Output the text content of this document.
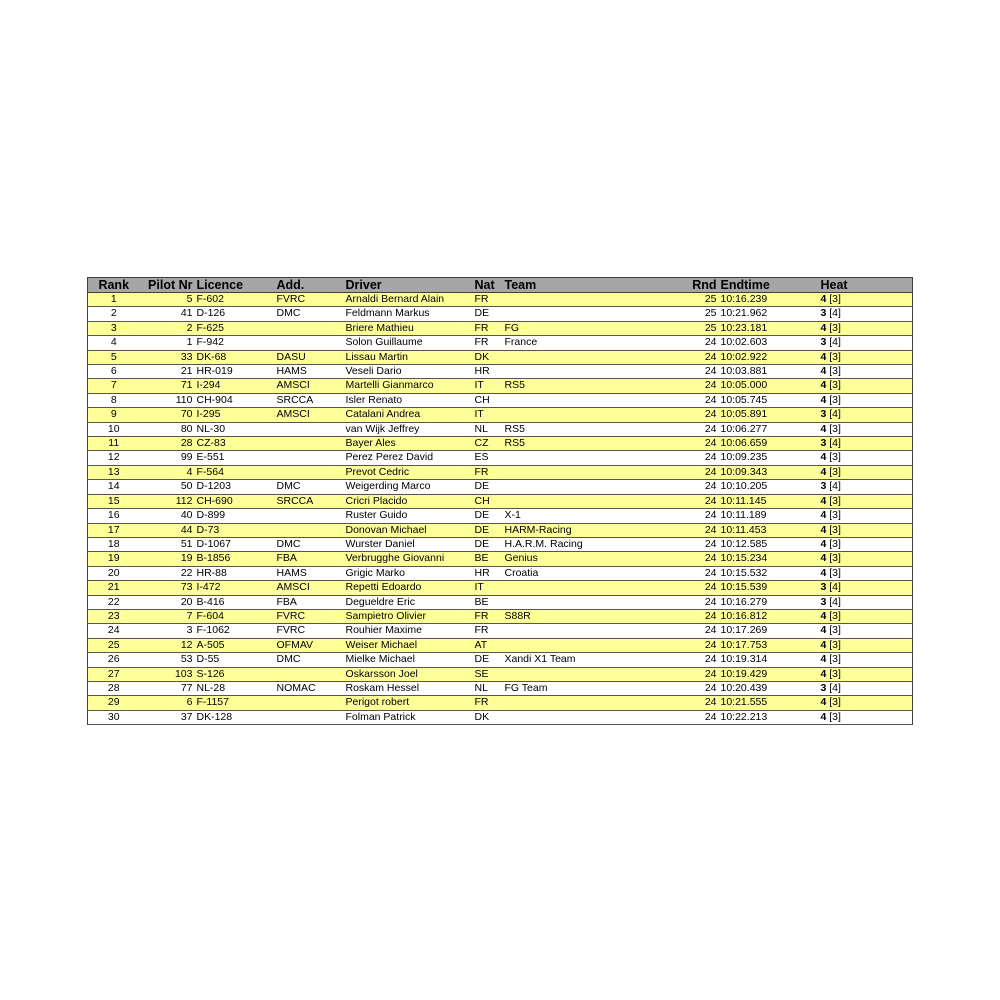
Rank	Pilot Nr	Licence	Add.	Driver	Nat	Team	Rnd	Endtime	Heat
1	5	F-602	FVRC	Arnaldi Bernard Alain	FR		25	10:16.239	4 [3]
2	41	D-126	DMC	Feldmann Markus	DE		25	10:21.962	3 [4]
3	2	F-625		Briere Mathieu	FR	FG	25	10:23.181	4 [3]
4	1	F-942		Solon Guillaume	FR	France	24	10:02.603	3 [4]
5	33	DK-68	DASU	Lissau Martin	DK		24	10:02.922	4 [3]
6	21	HR-019	HAMS	Veseli Dario	HR		24	10:03.881	4 [3]
7	71	I-294	AMSCI	Martelli Gianmarco	IT	RS5	24	10:05.000	4 [3]
8	110	CH-904	SRCCA	Isler Renato	CH		24	10:05.745	4 [3]
9	70	I-295	AMSCI	Catalani Andrea	IT		24	10:05.891	3 [4]
10	80	NL-30		van Wijk Jeffrey	NL	RS5	24	10:06.277	4 [3]
11	28	CZ-83		Bayer Ales	CZ	RS5	24	10:06.659	3 [4]
12	99	E-551		Perez Perez David	ES		24	10:09.235	4 [3]
13	4	F-564		Prevot Cedric	FR		24	10:09.343	4 [3]
14	50	D-1203	DMC	Weigerding Marco	DE		24	10:10.205	3 [4]
15	112	CH-690	SRCCA	Cricri Placido	CH		24	10:11.145	4 [3]
16	40	D-899		Ruster Guido	DE	X-1	24	10:11.189	4 [3]
17	44	D-73		Donovan Michael	DE	HARM-Racing	24	10:11.453	4 [3]
18	51	D-1067	DMC	Wurster Daniel	DE	H.A.R.M. Racing	24	10:12.585	4 [3]
19	19	B-1856	FBA	Verbrugghe Giovanni	BE	Genius	24	10:15.234	4 [3]
20	22	HR-88	HAMS	Grigic Marko	HR	Croatia	24	10:15.532	4 [3]
21	73	I-472	AMSCI	Repetti Edoardo	IT		24	10:15.539	3 [4]
22	20	B-416	FBA	Degueldre Eric	BE		24	10:16.279	3 [4]
23	7	F-604	FVRC	Sampietro Olivier	FR	S88R	24	10:16.812	4 [3]
24	3	F-1062	FVRC	Rouhier Maxime	FR		24	10:17.269	4 [3]
25	12	A-505	OFMAV	Weiser Michael	AT		24	10:17.753	4 [3]
26	53	D-55	DMC	Mielke Michael	DE	Xandi X1 Team	24	10:19.314	4 [3]
27	103	S-126		Oskarsson Joel	SE		24	10:19.429	4 [3]
28	77	NL-28	NOMAC	Roskam Hessel	NL	FG Team	24	10:20.439	3 [4]
29	6	F-1157		Perigot robert	FR		24	10:21.555	4 [3]
30	37	DK-128		Folman Patrick	DK		24	10:22.213	4 [3]
